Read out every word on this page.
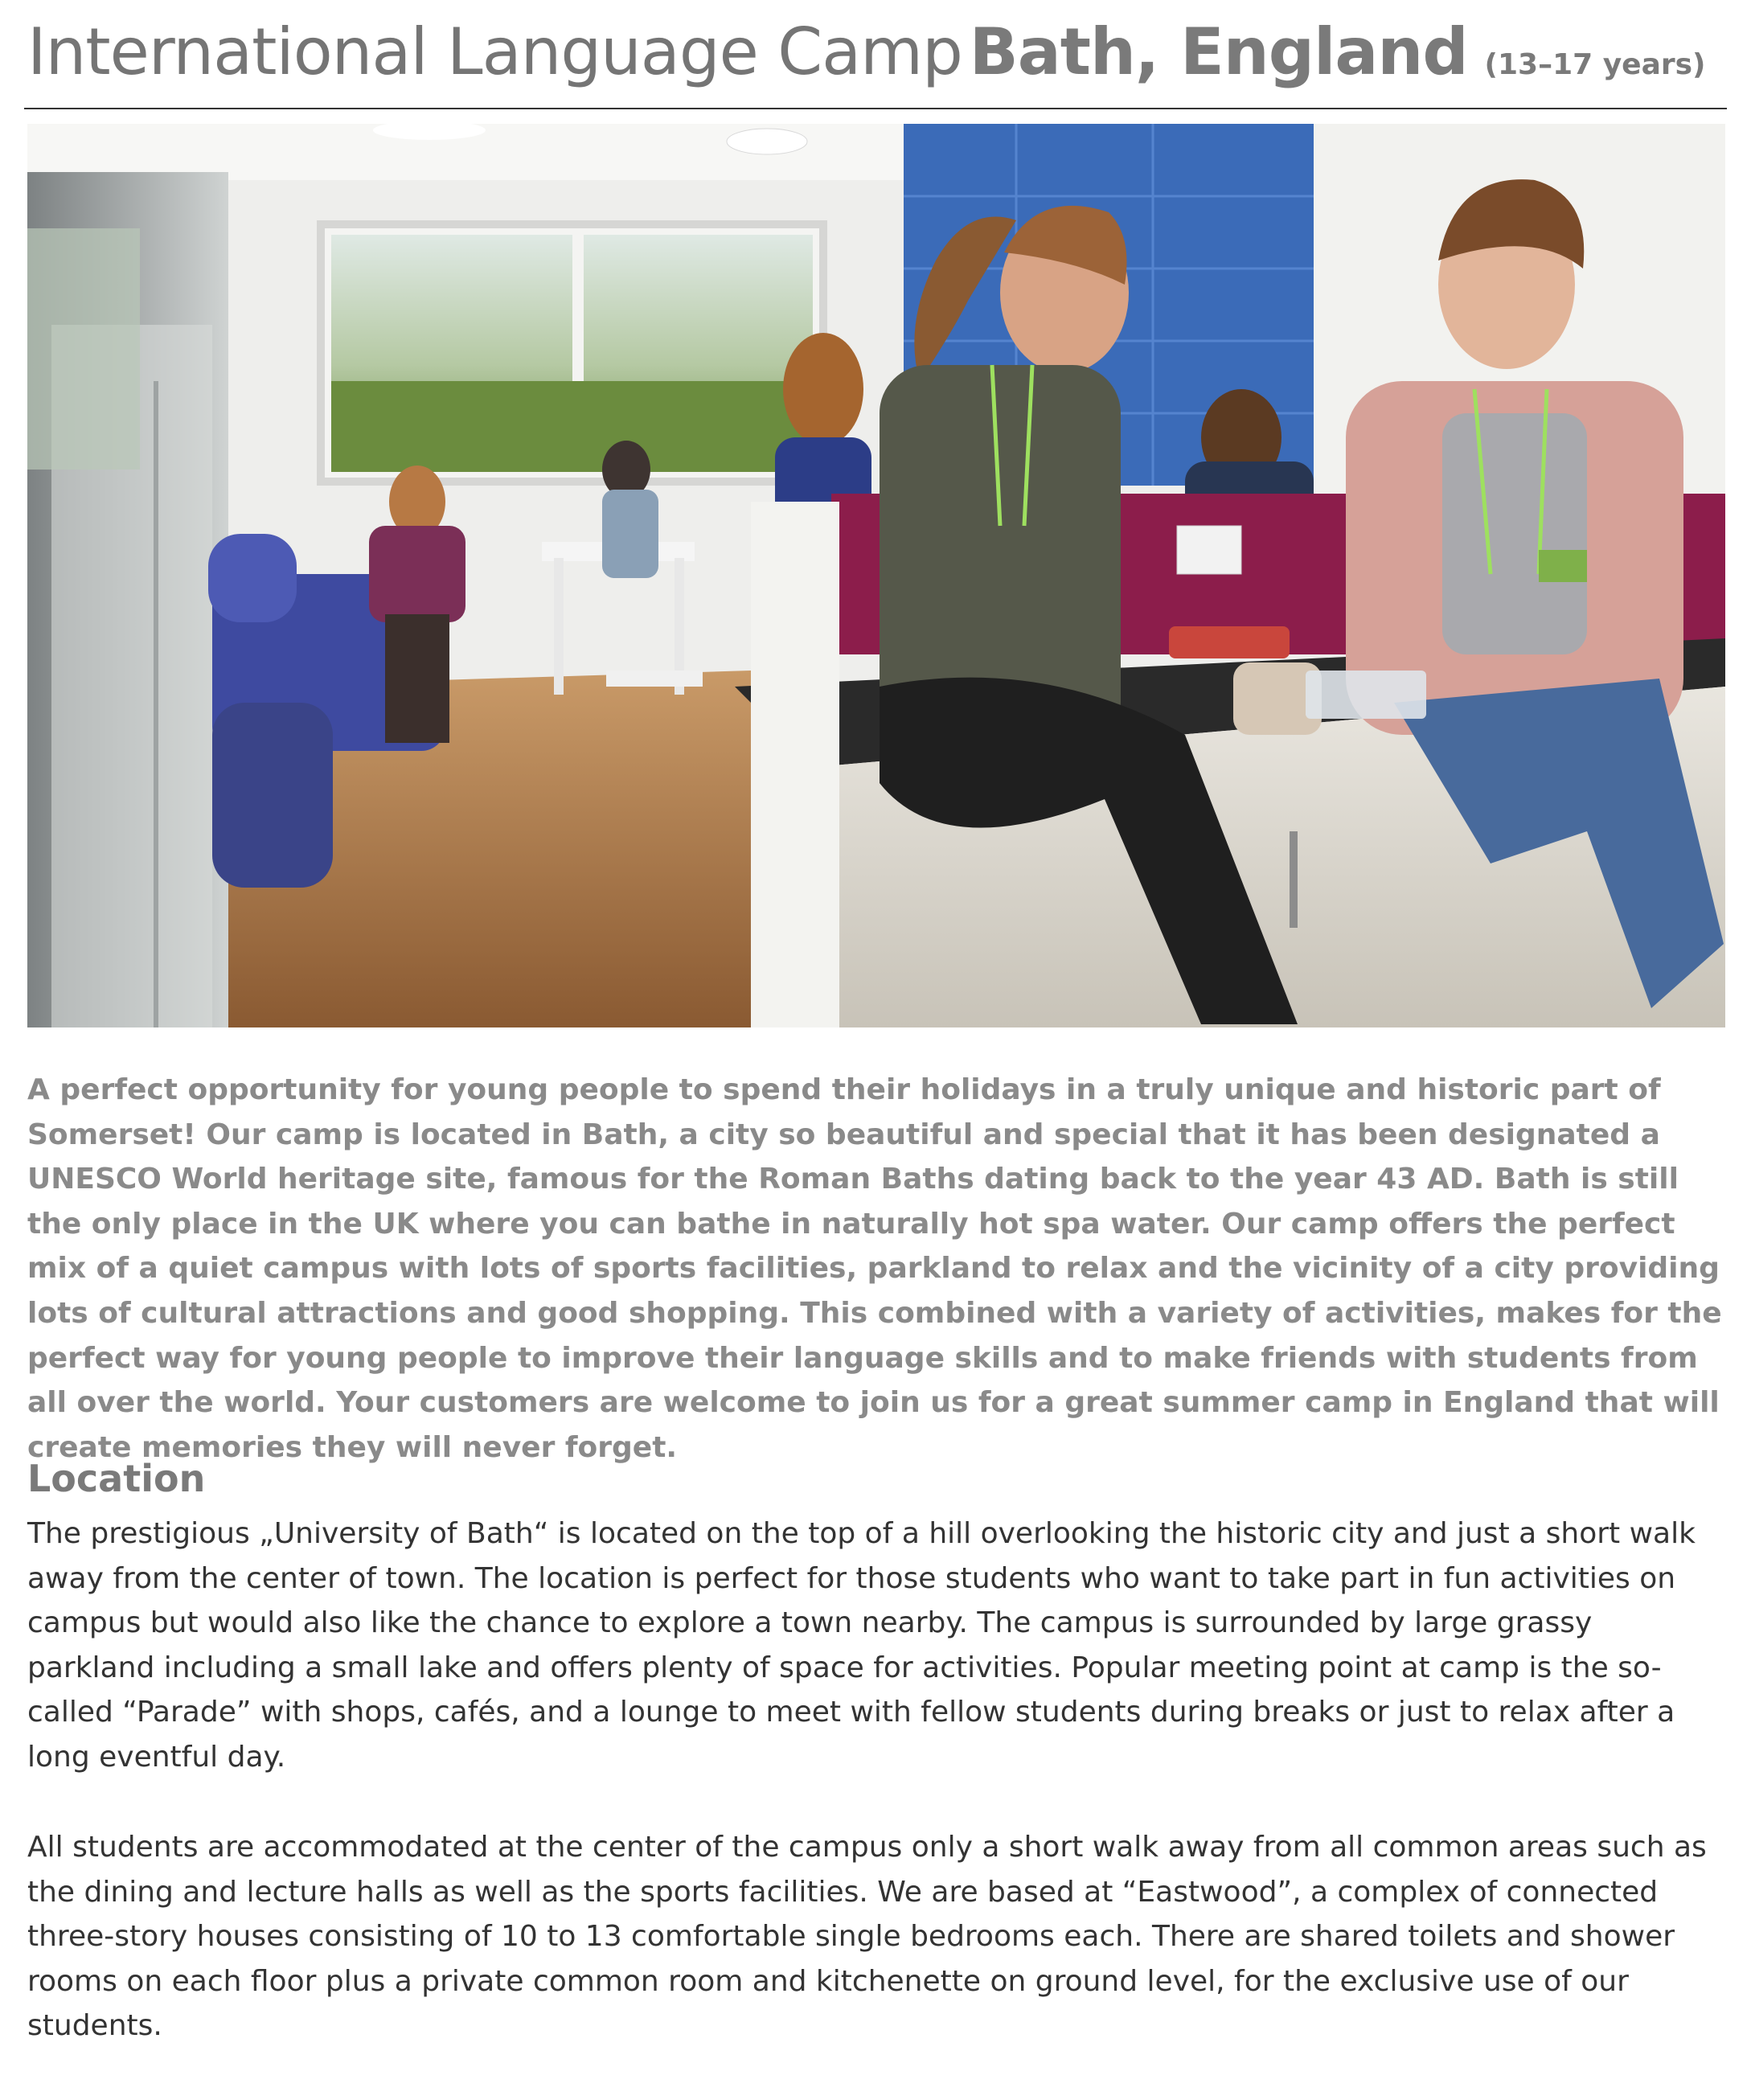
International Language Camp Bath, England (13–17 years)

A perfect opportunity for young people to spend their holidays in a truly unique and historic part of Somerset! Our camp is located in Bath, a city so beautiful and special that it has been designated a UNESCO World heritage site, famous for the Roman Baths dating back to the year 43 AD. Bath is still the only place in the UK where you can bathe in naturally hot spa water. Our camp offers the perfect mix of a quiet campus with lots of sports facilities, parkland to relax and the vicinity of a city providing lots of cultural attractions and good shopping. This combined with a variety of activities, makes for the perfect way for young people to improve their language skills and to make friends with students from all over the world. Your customers are welcome to join us for a great summer camp in England that will create memories they will never forget.

Location

The prestigious „University of Bath“ is located on the top of a hill overlooking the historic city and just a short walk away from the center of town. The location is perfect for those students who want to take part in fun activities on campus but would also like the chance to explore a town nearby. The campus is surrounded by large grassy parkland including a small lake and offers plenty of space for activities. Popular meeting point at camp is the so-called “Parade” with shops, cafés, and a lounge to meet with fellow students during breaks or just to relax after a long eventful day.

All students are accommodated at the center of the campus only a short walk away from all common areas such as the dining and lecture halls as well as the sports facilities. We are based at “Eastwood”, a complex of connected three-story houses consisting of 10 to 13 comfortable single bedrooms each. There are shared toilets and shower rooms on each floor plus a private common room and kitchenette on ground level, for the exclusive use of our students.
